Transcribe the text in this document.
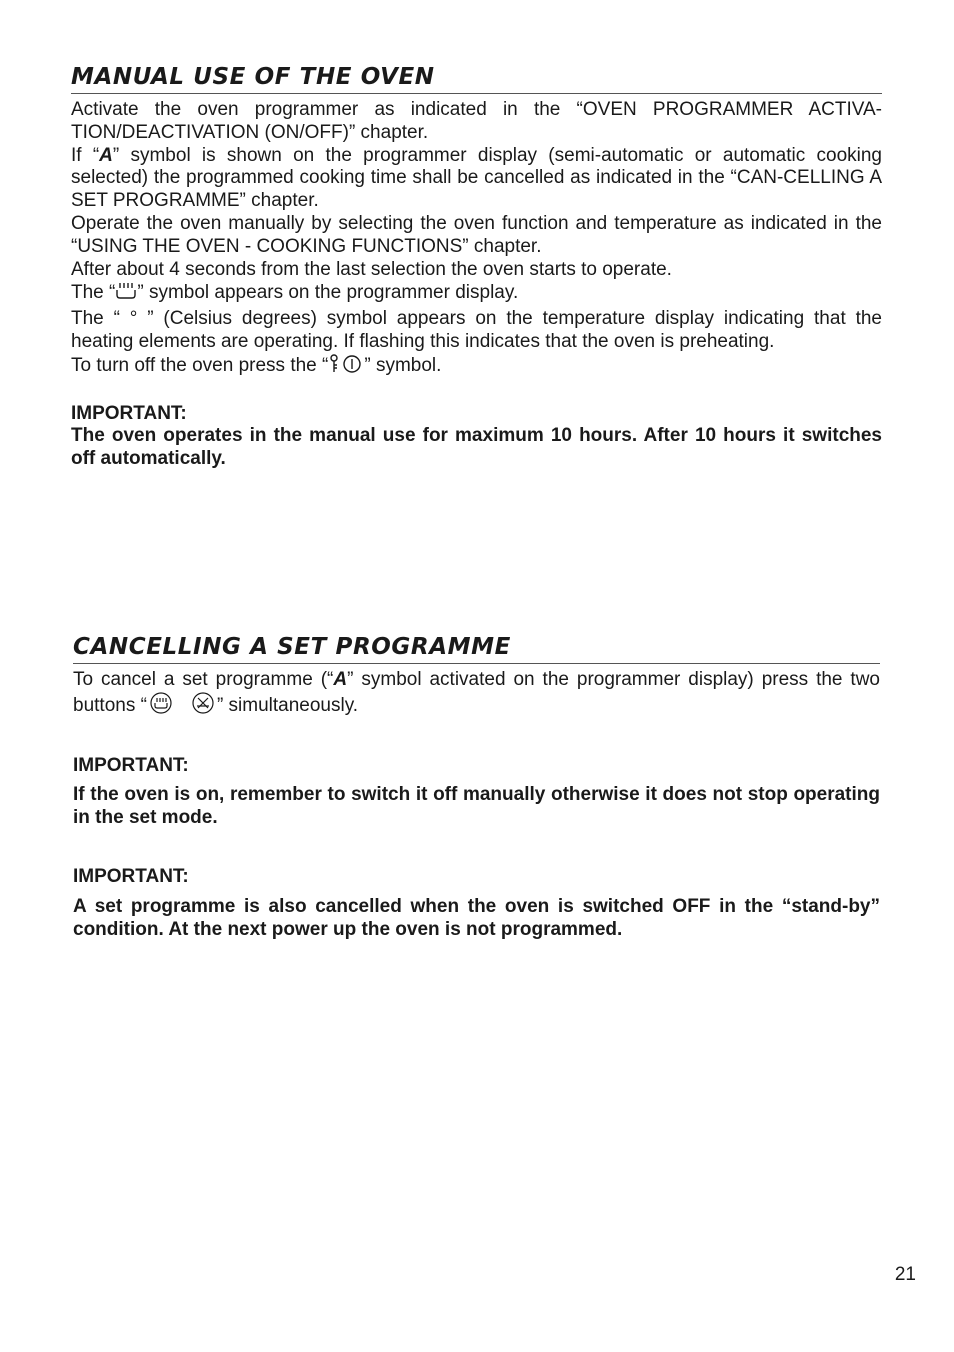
MANUAL USE OF THE OVEN

Activate the oven programmer as indicated in the “OVEN PROGRAMMER ACTIVA-TION/DEACTIVATION (ON/OFF)” chapter.

If “A” symbol is shown on the programmer display (semi-automatic or automatic cooking selected) the programmed cooking time shall be cancelled as indicated in the “CAN-CELLING A SET PROGRAMME” chapter.

Operate the oven manually by selecting the oven function and temperature as indicated in the “USING THE OVEN - COOKING FUNCTIONS” chapter.

After about 4 seconds from the last selection the oven starts to operate.

The “ ” symbol appears on the programmer display.

The “ ° ” (Celsius degrees) symbol appears on the temperature display indicating that the heating elements are operating. If flashing this indicates that the oven is preheating.

To turn off the oven press the “ ” symbol.

IMPORTANT:
The oven operates in the manual use for maximum 10 hours. After 10 hours it switches off automatically.
CANCELLING A SET PROGRAMME

To cancel a set programme (“A” symbol activated on the programmer display) press the two buttons “	” simultaneously.

IMPORTANT:
If the oven is on, remember to switch it off manually otherwise it does not stop operating in the set mode.
IMPORTANT:
A set programme is also cancelled when the oven is switched OFF in the “stand-by” condition. At the next power up the oven is not programmed.
21
